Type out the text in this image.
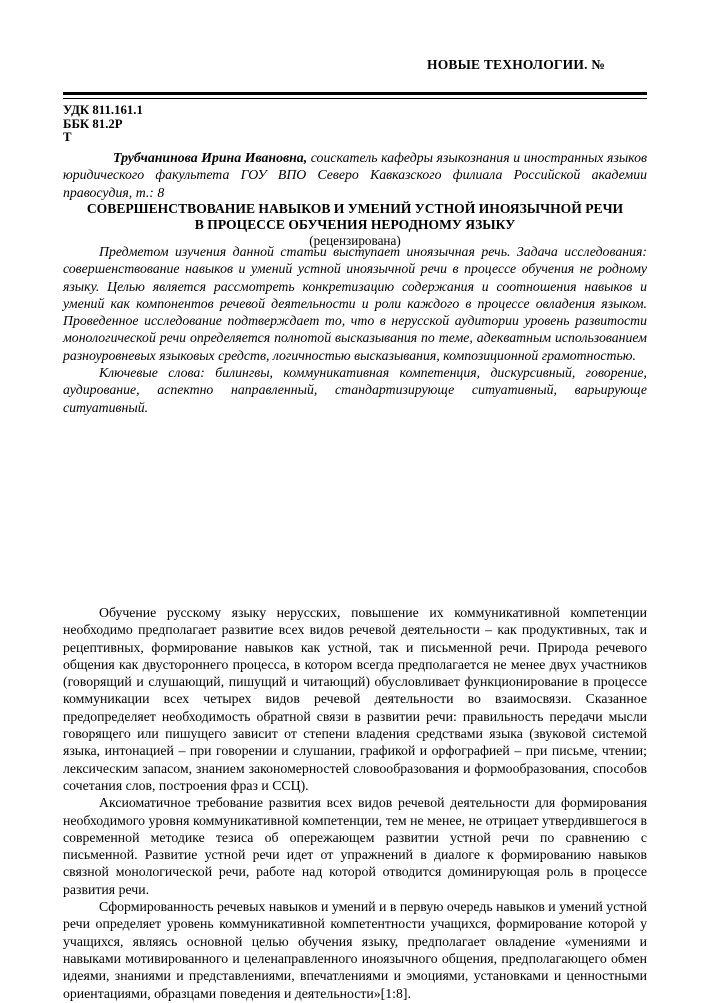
НОВЫЕ ТЕХНОЛОГИИ. №
УДК 811.161.1
ББК 81.2Р
Т
Трубчанинова Ирина Ивановна, соискатель кафедры языкознания и иностранных языков юридического факультета ГОУ ВПО Северо Кавказского филиала Российской академии правосудия, т.: 8
СОВЕРШЕНСТВОВАНИЕ НАВЫКОВ И УМЕНИЙ УСТНОЙ ИНОЯЗЫЧНОЙ РЕЧИ
В ПРОЦЕССЕ ОБУЧЕНИЯ НЕРОДНОМУ ЯЗЫКУ
(рецензирована)

Предметом изучения данной статьи выступает иноязычная речь. Задача исследования: совершенствование навыков и умений устной иноязычной речи в процессе обучения не родному языку. Целью является рассмотреть конкретизацию содержания и соотношения навыков и умений как компонентов речевой деятельности и роли каждого в процессе овладения языком. Проведенное исследование подтверждает то, что в нерусской аудитории уровень развитости монологической речи определяется полнотой высказывания по теме, адекватным использованием разноуровневых языковых средств, логичностью высказывания, композиционной грамотностью.

Ключевые слова: билингвы, коммуникативная компетенция, дискурсивный, говорение, аудирование, аспектно направленный, стандартизирующе ситуативный, варьирующе ситуативный.

Обучение русскому языку нерусских, повышение их коммуникативной компетенции необходимо предполагает развитие всех видов речевой деятельности – как продуктивных, так и рецептивных, формирование навыков как устной, так и письменной речи. Природа речевого общения как двустороннего процесса, в котором всегда предполагается не менее двух участников (говорящий и слушающий, пишущий и читающий) обусловливает функционирование в процессе коммуникации всех четырех видов речевой деятельности во взаимосвязи. Сказанное предопределяет необходимость обратной связи в развитии речи: правильность передачи мысли говорящего или пишущего зависит от степени владения средствами языка (звуковой системой языка, интонацией – при говорении и слушании, графикой и орфографией – при письме, чтении; лексическим запасом, знанием закономерностей словообразования и формообразования, способов сочетания слов, построения фраз и ССЦ).

Аксиоматичное требование развития всех видов речевой деятельности для формирования необходимого уровня коммуникативной компетенции, тем не менее, не отрицает утвердившегося в современной методике тезиса об опережающем развитии устной речи по сравнению с письменной. Развитие устной речи идет от упражнений в диалоге к формированию навыков связной монологической речи, работе над которой отводится доминирующая роль в процессе развития речи.

Сформированность речевых навыков и умений и в первую очередь навыков и умений устной речи определяет уровень коммуникативной компетентности учащихся, формирование которой у учащихся, являясь основной целью обучения языку, предполагает овладение «умениями и навыками мотивированного и целенаправленного иноязычного общения, предполагающего обмен идеями, знаниями и представлениями, впечатлениями и эмоциями, установками и ценностными ориентациями, образцами поведения и деятельности»[1:8].
